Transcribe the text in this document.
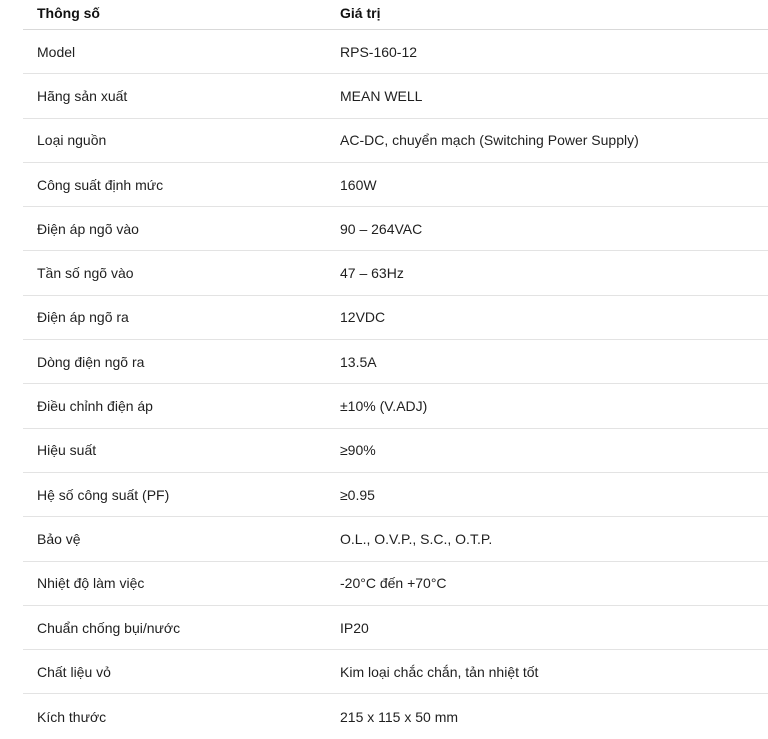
Thông số	Giá trị
Model	RPS-160-12
Hãng sản xuất	MEAN WELL
Loại nguồn	AC-DC, chuyển mạch (Switching Power Supply)
Công suất định mức	160W
Điện áp ngõ vào	90 – 264VAC
Tần số ngõ vào	47 – 63Hz
Điện áp ngõ ra	12VDC
Dòng điện ngõ ra	13.5A
Điều chỉnh điện áp	±10% (V.ADJ)
Hiệu suất	≥90%
Hệ số công suất (PF)	≥0.95
Bảo vệ	O.L., O.V.P., S.C., O.T.P.
Nhiệt độ làm việc	-20°C đến +70°C
Chuẩn chống bụi/nước	IP20
Chất liệu vỏ	Kim loại chắc chắn, tản nhiệt tốt
Kích thước	215 x 115 x 50 mm
